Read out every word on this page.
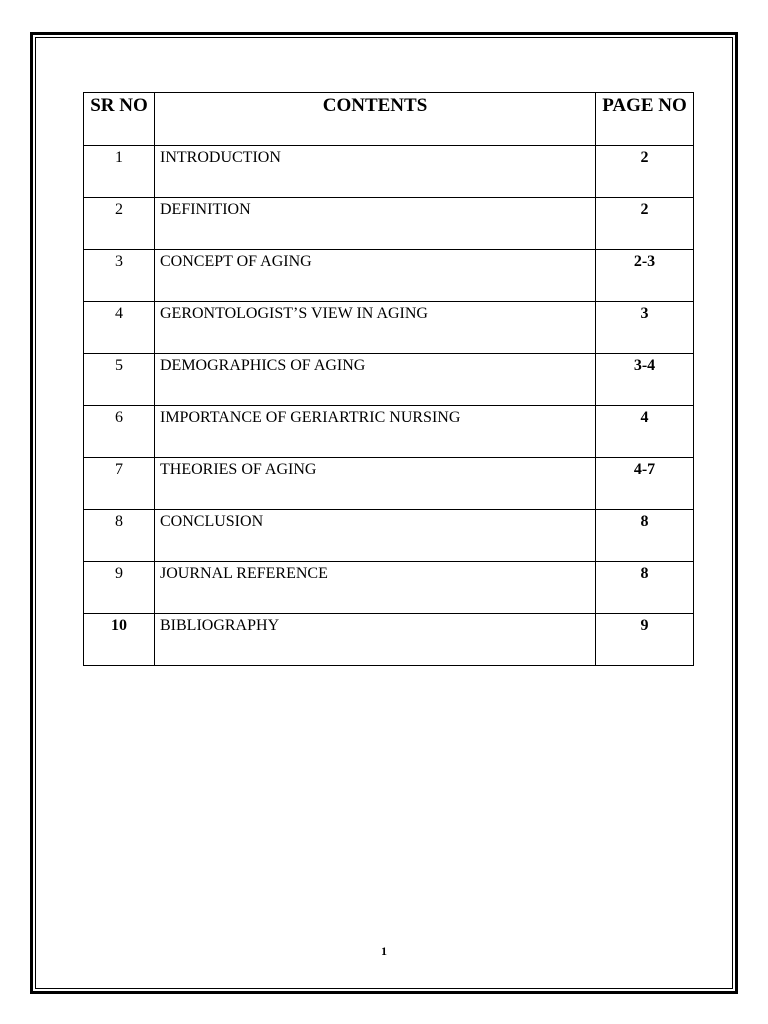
SR NO	CONTENTS	PAGE NO
1	INTRODUCTION	2
2	DEFINITION	2
3	CONCEPT OF AGING	2-3
4	GERONTOLOGIST’S VIEW IN AGING	3
5	DEMOGRAPHICS OF AGING	3-4
6	IMPORTANCE OF GERIARTRIC NURSING	4
7	THEORIES OF AGING	4-7
8	CONCLUSION	8
9	JOURNAL REFERENCE	8
10	BIBLIOGRAPHY	9
1
